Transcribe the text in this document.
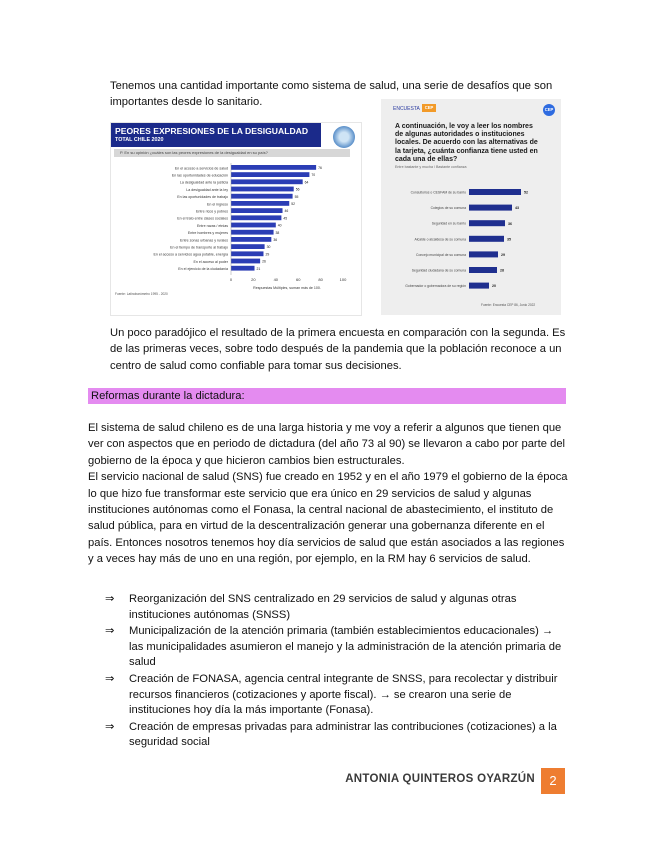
Tenemos una cantidad importante como sistema de salud, una serie de desafíos que son importantes desde lo sanitario.

PEORES EXPRESIONES DE LA DESIGUALDAD
TOTAL CHILE 2020
P. En su opinión ¿cuáles son las peores expresiones de la desigualdad en su país?
En el acceso a servicios de salud	76
En las oportunidades de educación	70
La desigualdad ante la justicia	64
La desigualdad ante la ley	56
En las oportunidades de trabajo	55
En el ingreso	52
Entre ricos y pobres	46
En el trato entre clases sociales	45
Entre razas / etnias	40
Entre hombres y mujeres	38
Entre zonas urbanas y rurales	36
En el tiempo de transporte al trabajo	30
En el acceso a servicios agua potable, energía	29
En el acceso al poder	26
En el ejercicio de la ciudadanía	21
0	20	40	60	80	100
Respuestas Múltiples, suman más de 100.
Fuente: Latinobarómetro 1995 - 2020
ENCUESTA	CEP	CEP
A continuación, le voy a leer los nombres de algunas autoridades o instituciones locales. De acuerdo con las alternativas de la tarjeta, ¿cuánta confianza tiene usted en cada una de ellas?
Entre bastante y mucha / Bastante confianza
Consultorios o CESFAM de su barrio	52
Colegios de su comuna	43
Seguridad en su barrio	36
Alcalde o alcaldesa de su comuna	35
Concejo municipal de su comuna	29
Seguridad ciudadana de su comuna	28
Gobernador o gobernadora de su región	20
Fuente: Encuesta CEP 86, Junio 2022

Un poco paradójico el resultado de la primera encuesta en comparación con la segunda. Es de las primeras veces, sobre todo después de la pandemia que la población reconoce a un centro de salud como confiable para tomar sus decisiones.

Reformas durante la dictadura:
El sistema de salud chileno es de una larga historia y me voy a referir a algunos que tienen que ver con aspectos que en periodo de dictadura (del año 73 al 90) se llevaron a cabo por parte del gobierno de la época y que hicieron cambios bien estructurales.
El servicio nacional de salud (SNS) fue creado en 1952 y en el año 1979 el gobierno de la época lo que hizo fue transformar este servicio que era único en 29 servicios de salud y algunas instituciones autónomas como el Fonasa, la central nacional de abastecimiento, el instituto de salud pública, para en virtud de la descentralización generar una gobernanza diferente en el país. Entonces nosotros tenemos hoy día servicios de salud que están asociados a las regiones y a veces hay más de uno en una región, por ejemplo, en la RM hay 6 servicios de salud.
⇒ Reorganización del SNS centralizado en 29 servicios de salud y algunas otras instituciones autónomas (SNSS)
⇒ Municipalización de la atención primaria (también establecimientos educacionales) → las municipalidades asumieron el manejo y la administración de la atención primaria de salud
⇒ Creación de FONASA, agencia central integrante de SNSS, para recolectar y distribuir recursos financieros (cotizaciones y aporte fiscal). → se crearon una serie de instituciones hoy día la más importante (Fonasa).
⇒ Creación de empresas privadas para administrar las contribuciones (cotizaciones) a la seguridad social
ANTONIA QUINTEROS OYARZÚN	2
